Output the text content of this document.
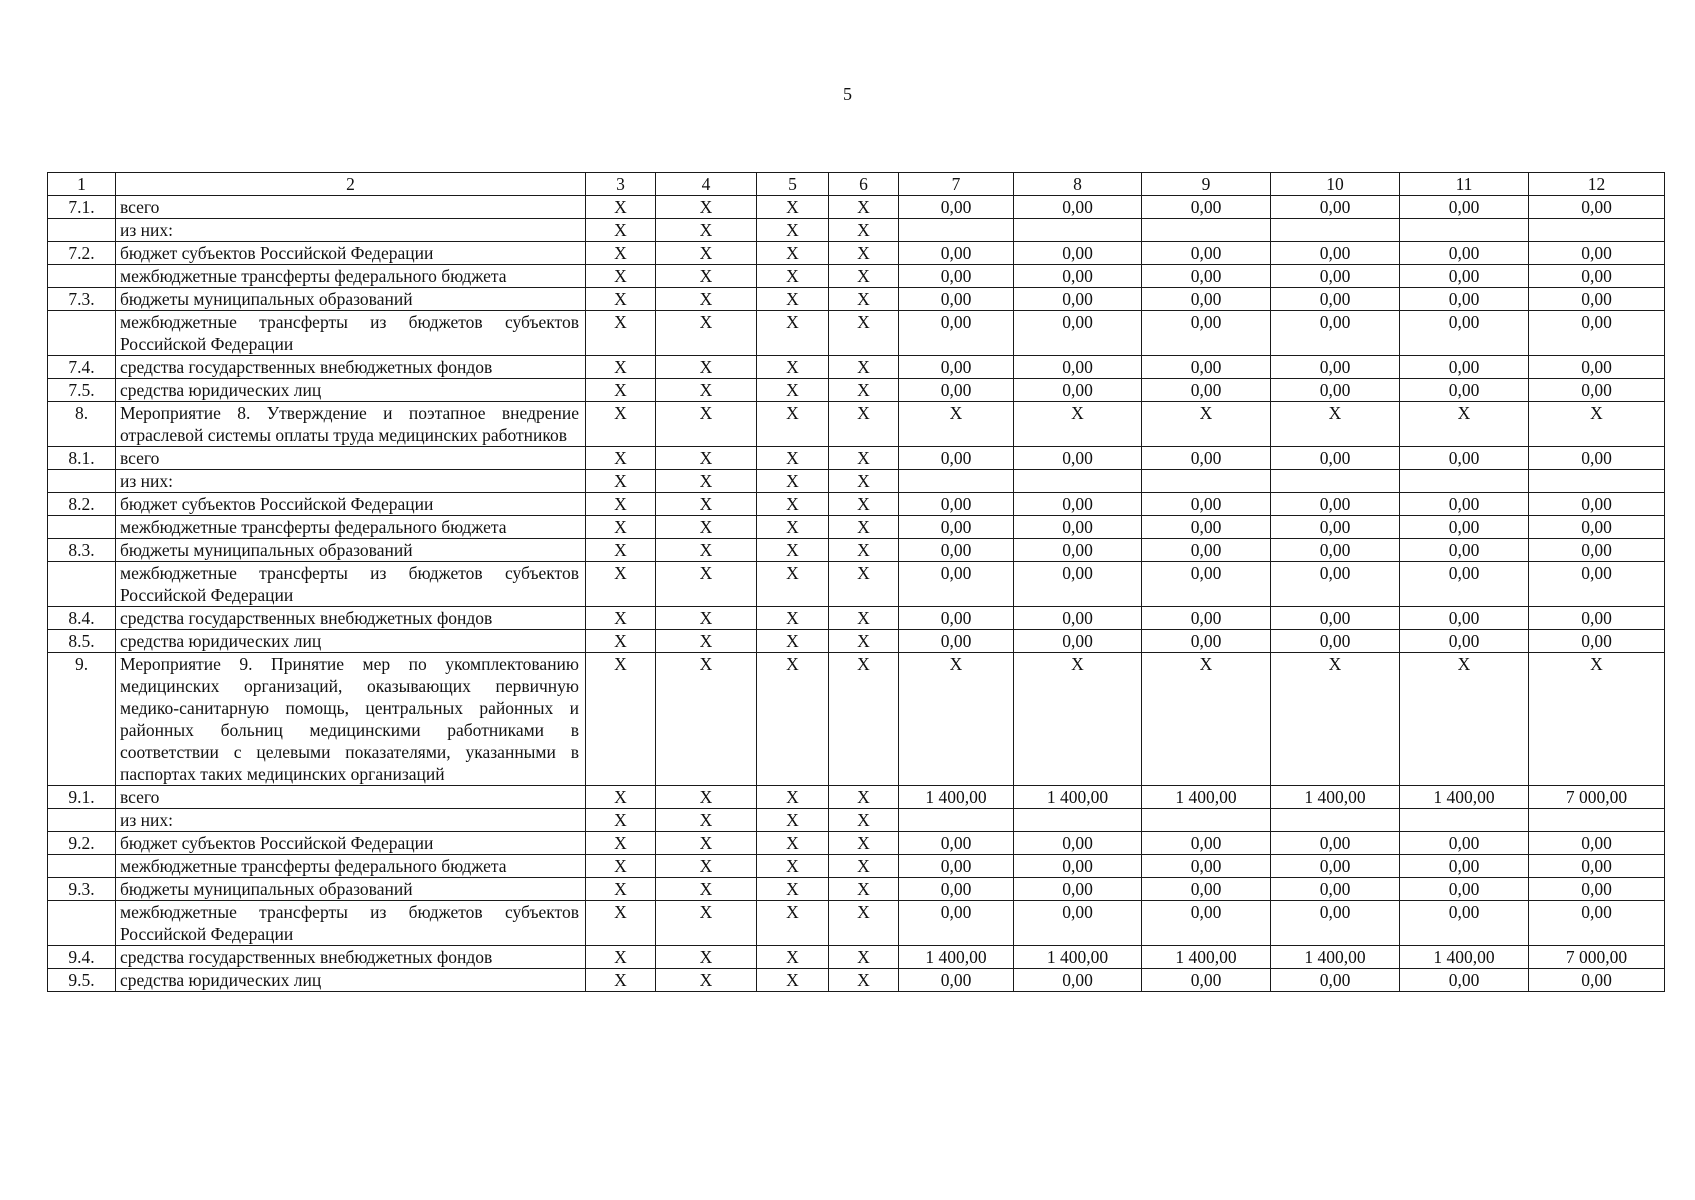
5
1	2	3	4	5	6	7	8	9	10	11	12
7.1.	всего	Х	Х	Х	Х	0,00	0,00	0,00	0,00	0,00	0,00
	из них:	Х	Х	Х	Х						
7.2.	бюджет субъектов Российской Федерации	Х	Х	Х	Х	0,00	0,00	0,00	0,00	0,00	0,00
	межбюджетные трансферты федерального бюджета	Х	Х	Х	Х	0,00	0,00	0,00	0,00	0,00	0,00
7.3.	бюджеты муниципальных образований	Х	Х	Х	Х	0,00	0,00	0,00	0,00	0,00	0,00
	межбюджетные трансферты из бюджетов субъектов Российской Федерации	Х	Х	Х	Х	0,00	0,00	0,00	0,00	0,00	0,00
7.4.	средства государственных внебюджетных фондов	Х	Х	Х	Х	0,00	0,00	0,00	0,00	0,00	0,00
7.5.	средства юридических лиц	Х	Х	Х	Х	0,00	0,00	0,00	0,00	0,00	0,00
8.	Мероприятие 8. Утверждение и поэтапное внедрение отраслевой системы оплаты труда медицинских работников	Х	Х	Х	Х	Х	Х	Х	Х	Х	Х
8.1.	всего	Х	Х	Х	Х	0,00	0,00	0,00	0,00	0,00	0,00
	из них:	Х	Х	Х	Х						
8.2.	бюджет субъектов Российской Федерации	Х	Х	Х	Х	0,00	0,00	0,00	0,00	0,00	0,00
	межбюджетные трансферты федерального бюджета	Х	Х	Х	Х	0,00	0,00	0,00	0,00	0,00	0,00
8.3.	бюджеты муниципальных образований	Х	Х	Х	Х	0,00	0,00	0,00	0,00	0,00	0,00
	межбюджетные трансферты из бюджетов субъектов Российской Федерации	Х	Х	Х	Х	0,00	0,00	0,00	0,00	0,00	0,00
8.4.	средства государственных внебюджетных фондов	Х	Х	Х	Х	0,00	0,00	0,00	0,00	0,00	0,00
8.5.	средства юридических лиц	Х	Х	Х	Х	0,00	0,00	0,00	0,00	0,00	0,00
9.	Мероприятие 9. Принятие мер по укомплектованию медицинских организаций, оказывающих первичную медико-санитарную помощь, центральных районных и районных больниц медицинскими работниками в соответствии с целевыми показателями, указанными в паспортах таких медицинских организаций	Х	Х	Х	Х	Х	Х	Х	Х	Х	Х
9.1.	всего	Х	Х	Х	Х	1 400,00	1 400,00	1 400,00	1 400,00	1 400,00	7 000,00
	из них:	Х	Х	Х	Х						
9.2.	бюджет субъектов Российской Федерации	Х	Х	Х	Х	0,00	0,00	0,00	0,00	0,00	0,00
	межбюджетные трансферты федерального бюджета	Х	Х	Х	Х	0,00	0,00	0,00	0,00	0,00	0,00
9.3.	бюджеты муниципальных образований	Х	Х	Х	Х	0,00	0,00	0,00	0,00	0,00	0,00
	межбюджетные трансферты из бюджетов субъектов Российской Федерации	Х	Х	Х	Х	0,00	0,00	0,00	0,00	0,00	0,00
9.4.	средства государственных внебюджетных фондов	Х	Х	Х	Х	1 400,00	1 400,00	1 400,00	1 400,00	1 400,00	7 000,00
9.5.	средства юридических лиц	Х	Х	Х	Х	0,00	0,00	0,00	0,00	0,00	0,00
